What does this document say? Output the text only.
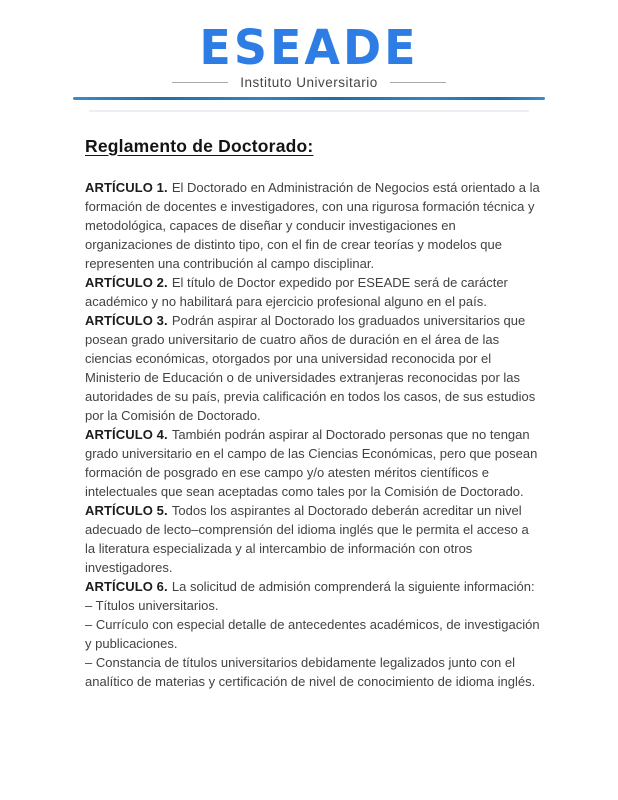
ESEADE
Instituto Universitario
Reglamento de Doctorado:

ARTÍCULO 1. El Doctorado en Administración de Negocios está orientado a la formación de docentes e investigadores, con una rigurosa formación técnica y metodológica, capaces de diseñar y conducir investigaciones en organizaciones de distinto tipo, con el fin de crear teorías y modelos que representen una contribución al campo disciplinar.

ARTÍCULO 2. El título de Doctor expedido por ESEADE será de carácter académico y no habilitará para ejercicio profesional alguno en el país.

ARTÍCULO 3. Podrán aspirar al Doctorado los graduados universitarios que posean grado universitario de cuatro años de duración en el área de las ciencias económicas, otorgados por una universidad reconocida por el Ministerio de Educación o de universidades extranjeras reconocidas por las autoridades de su país, previa calificación en todos los casos, de sus estudios por la Comisión de Doctorado.

ARTÍCULO 4. También podrán aspirar al Doctorado personas que no tengan grado universitario en el campo de las Ciencias Económicas, pero que posean formación de posgrado en ese campo y/o atesten méritos científicos e intelectuales que sean aceptadas como tales por la Comisión de Doctorado.

ARTÍCULO 5. Todos los aspirantes al Doctorado deberán acreditar un nivel adecuado de lecto–comprensión del idioma inglés que le permita el acceso a la literatura especializada y al intercambio de información con otros investigadores.

ARTÍCULO 6. La solicitud de admisión comprenderá la siguiente información:

– Títulos universitarios.

– Currículo con especial detalle de antecedentes académicos, de investigación y publicaciones.

– Constancia de títulos universitarios debidamente legalizados junto con el analítico de materias y certificación de nivel de conocimiento de idioma inglés.
